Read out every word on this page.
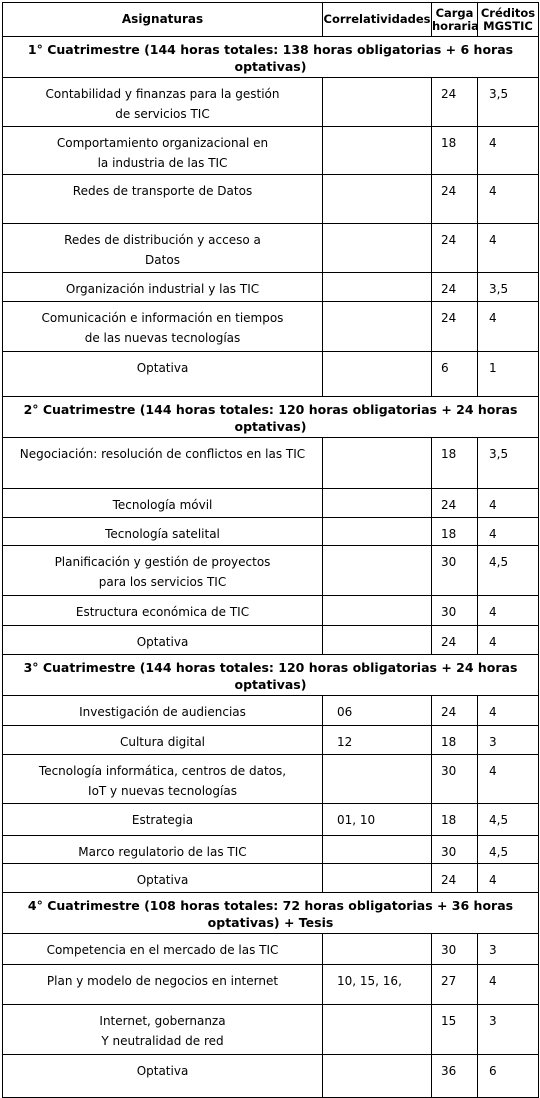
Asignaturas	Correlatividades	Carga horaria	Créditos MGSTIC
1° Cuatrimestre (144 horas totales: 138 horas obligatorias + 6 horas optativas)			

Contabilidad y finanzas para la gestión
de servicios TIC		24	3,5

Comportamiento organizacional en
la industria de las TIC		18	4

Redes de transporte de Datos		24	4

Redes de distribución y acceso a
Datos		24	4

Organización industrial y las TIC		24	3,5

Comunicación e información en tiempos
de las nuevas tecnologías		24	4

Optativa		6	1
2° Cuatrimestre (144 horas totales: 120 horas obligatorias + 24 horas optativas)			

Negociación: resolución de conflictos en las TIC		18	3,5

Tecnología móvil		24	4

Tecnología satelital		18	4

Planificación y gestión de proyectos
para los servicios TIC		30	4,5

Estructura económica de TIC		30	4

Optativa		24	4
3° Cuatrimestre (144 horas totales: 120 horas obligatorias + 24 horas optativas)			

Investigación de audiencias	06	24	4

Cultura digital	12	18	3

Tecnología informática, centros de datos,
IoT y nuevas tecnologías		30	4

Estrategia	01, 10	18	4,5

Marco regulatorio de las TIC		30	4,5

Optativa		24	4
4° Cuatrimestre (108 horas totales: 72 horas obligatorias + 36 horas optativas) + Tesis			

Competencia en el mercado de las TIC		30	3

Plan y modelo de negocios en internet	10, 15, 16,	27	4

Internet, gobernanza
Y neutralidad de red		15	3

Optativa		36	6
